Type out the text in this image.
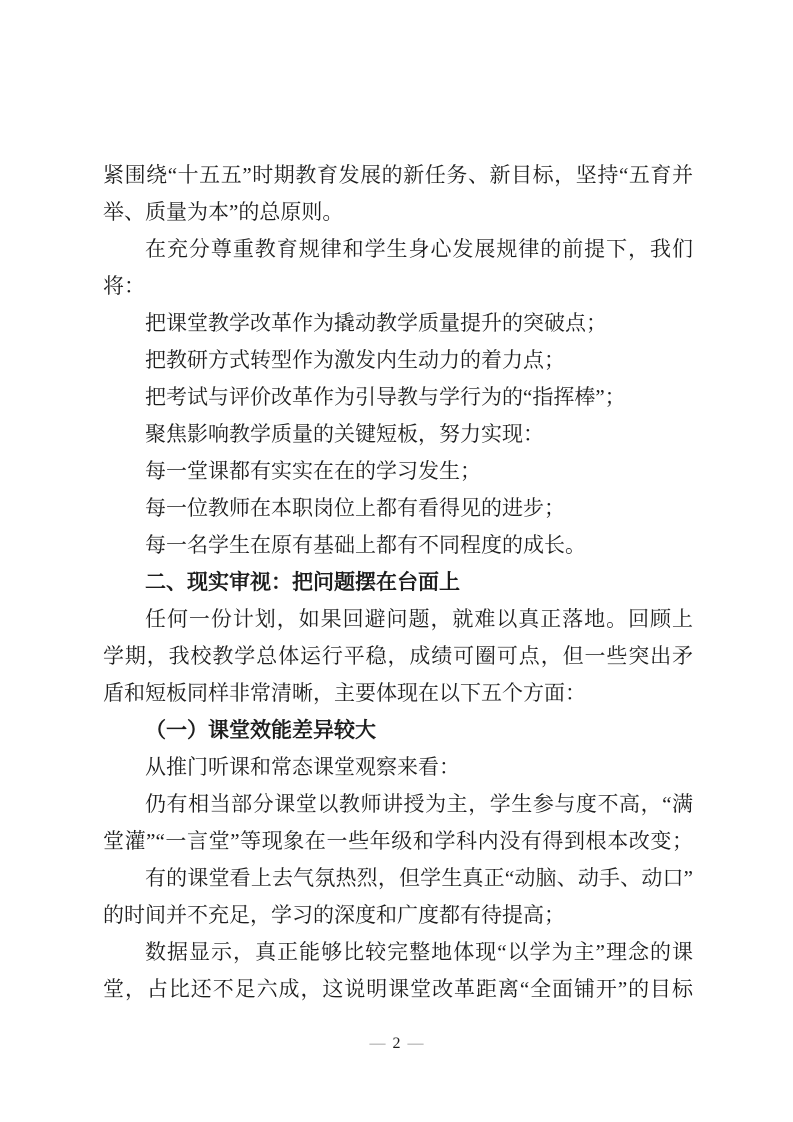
紧围绕“十五五”时期教育发展的新任务、新目标，坚持“五育并
举、质量为本”的总原则。
在充分尊重教育规律和学生身心发展规律的前提下，我们
将：
把课堂教学改革作为撬动教学质量提升的突破点；
把教研方式转型作为激发内生动力的着力点；
把考试与评价改革作为引导教与学行为的“指挥棒”；
聚焦影响教学质量的关键短板，努力实现：
每一堂课都有实实在在的学习发生；
每一位教师在本职岗位上都有看得见的进步；
每一名学生在原有基础上都有不同程度的成长。
二、现实审视：把问题摆在台面上
任何一份计划，如果回避问题，就难以真正落地。回顾上
学期，我校教学总体运行平稳，成绩可圈可点，但一些突出矛
盾和短板同样非常清晰，主要体现在以下五个方面：
（一）课堂效能差异较大
从推门听课和常态课堂观察来看：
仍有相当部分课堂以教师讲授为主，学生参与度不高，“满
堂灌”“一言堂”等现象在一些年级和学科内没有得到根本改变；
有的课堂看上去气氛热烈，但学生真正“动脑、动手、动口”
的时间并不充足，学习的深度和广度都有待提高；
数据显示，真正能够比较完整地体现“以学为主”理念的课
堂，占比还不足六成，这说明课堂改革距离“全面铺开”的目标
— 2 —
